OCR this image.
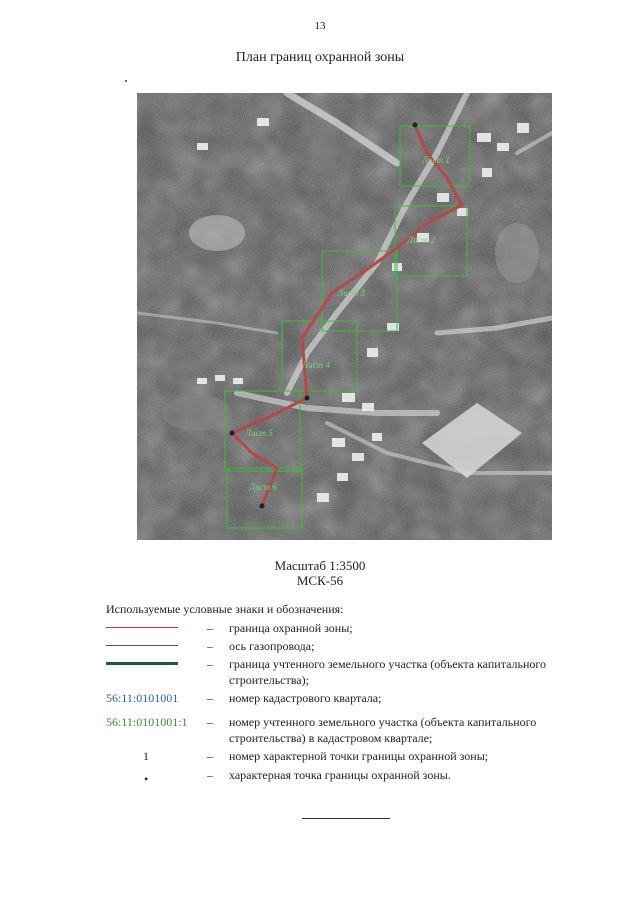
13
План границ охранной зоны
Лист 1
Лист 2
Лист 3
Лист 4
Лист 5
Лист 6
Масштаб 1:3500
МСК-56
Используемые условные знаки и обозначения:
– граница охранной зоны;
– ось газопровода;
– граница учтенного земельного участка (объекта капитального строительства);
56:11:0101001	– номер кадастрового квартала;
56:11:0101001:1 – номер учтенного земельного участка (объекта капитального строительства) в кадастровом квартале;
1	– номер характерной точки границы охранной зоны;
•	– характерная точка границы охранной зоны.
